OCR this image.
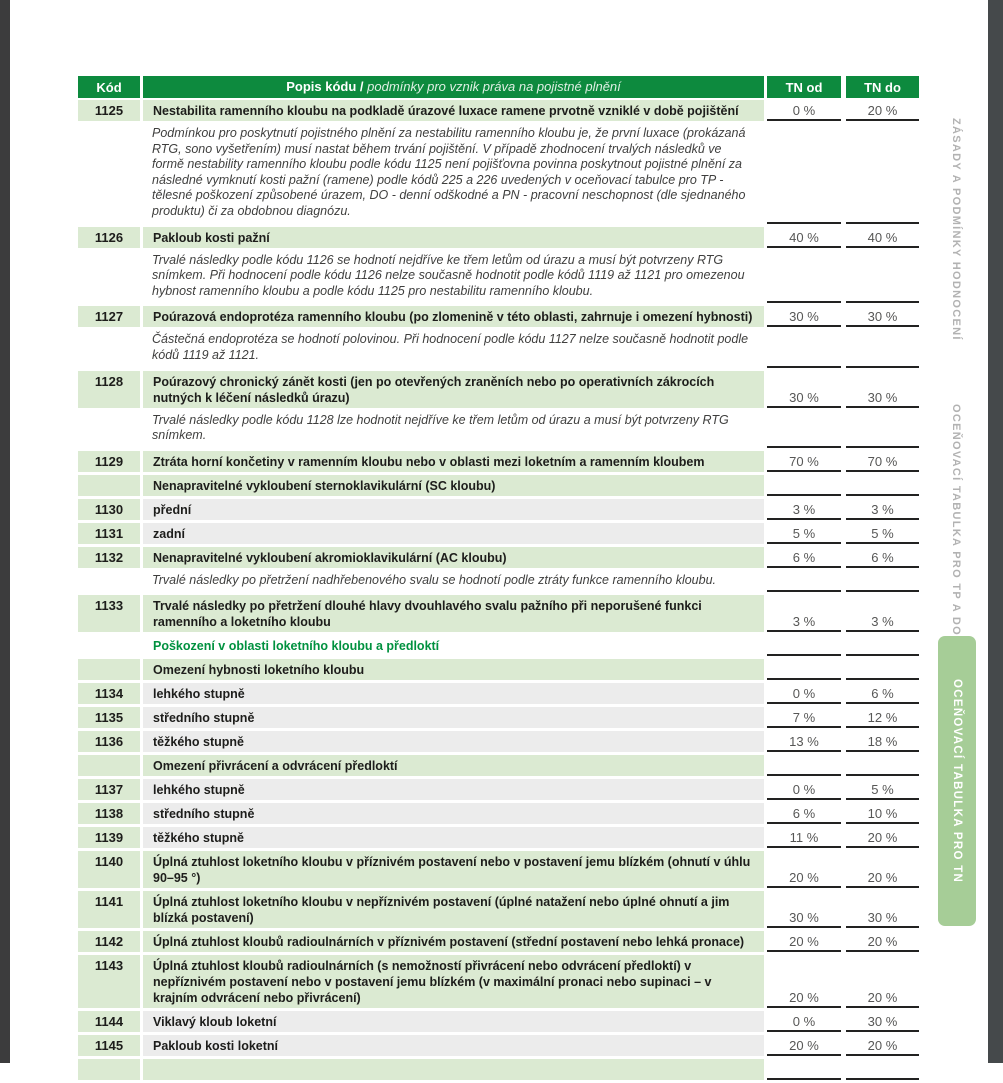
Kód	Popis kódu / podmínky pro vznik práva na pojistné plnění	TN od	TN do
1125	Nestabilita ramenního kloubu na podkladě úrazové luxace ramene prvotně vzniklé v době pojištění	0 %	20 %
Podmínkou pro poskytnutí pojistného plnění za nestabilitu ramenního kloubu je, že první luxace (prokázaná RTG, sono vyšetřením) musí nastat během trvání pojištění. V případě zhodnocení trvalých následků ve formě nestability ramenního kloubu podle kódu 1125 není pojišťovna povinna poskytnout pojistné plnění za následné vymknutí kosti pažní (ramene) podle kódů 225 a 226 uvedených v oceňovací tabulce pro TP - tělesné poškození způsobené úrazem, DO - denní odškodné a PN - pracovní neschopnost (dle sjednaného produktu) či za obdobnou diagnózu.
1126	Pakloub kosti pažní	40 %	40 %
Trvalé následky podle kódu 1126 se hodnotí nejdříve ke třem letům od úrazu a musí být potvrzeny RTG snímkem. Při hodnocení podle kódu 1126 nelze současně hodnotit podle kódů 1119 až 1121 pro omezenou hybnost ramenního kloubu a podle kódu 1125 pro nestabilitu ramenního kloubu.
1127	Poúrazová endoprotéza ramenního kloubu (po zlomenině v této oblasti, zahrnuje i omezení hybnosti)	30 %	30 %
Částečná endoprotéza se hodnotí polovinou. Při hodnocení podle kódu 1127 nelze současně hodnotit podle kódů 1119 až 1121.
1128	Poúrazový chronický zánět kosti (jen po otevřených zraněních nebo po operativních zákrocích nutných k léčení následků úrazu)	30 %	30 %
Trvalé následky podle kódu 1128 lze hodnotit nejdříve ke třem letům od úrazu a musí být potvrzeny RTG snímkem.
1129	Ztráta horní končetiny v ramenním kloubu nebo v oblasti mezi loketním a ramenním kloubem	70 %	70 %
Nenapravitelné vykloubení sternoklavikulární (SC kloubu)
1130	přední	3 %	3 %
1131	zadní	5 %	5 %
1132	Nenapravitelné vykloubení akromioklavikulární (AC kloubu)	6 %	6 %
Trvalé následky po přetržení nadhřebenového svalu se hodnotí podle ztráty funkce ramenního kloubu.
1133	Trvalé následky po přetržení dlouhé hlavy dvouhlavého svalu pažního při neporušené funkci ramenního a loketního kloubu	3 %	3 %
Poškození v oblasti loketního kloubu a předloktí
Omezení hybnosti loketního kloubu
1134	lehkého stupně	0 %	6 %
1135	středního stupně	7 %	12 %
1136	těžkého stupně	13 %	18 %
Omezení přivrácení a odvrácení předloktí
1137	lehkého stupně	0 %	5 %
1138	středního stupně	6 %	10 %
1139	těžkého stupně	11 %	20 %
1140	Úplná ztuhlost loketního kloubu v příznivém postavení nebo v postavení jemu blízkém (ohnutí v úhlu 90–95 °)	20 %	20 %
1141	Úplná ztuhlost loketního kloubu v nepříznivém postavení (úplné natažení nebo úplné ohnutí a jim blízká postavení)	30 %	30 %
1142	Úplná ztuhlost kloubů radioulnárních v příznivém postavení (střední postavení nebo lehká pronace)	20 %	20 %
1143	Úplná ztuhlost kloubů radioulnárních (s nemožností přivrácení nebo odvrácení předloktí) v nepříznivém postavení nebo v postavení jemu blízkém (v maximální pronaci nebo supinaci – v krajním odvrácení nebo přivrácení)	20 %	20 %
1144	Viklavý kloub loketní	0 %	30 %
1145	Pakloub kosti loketní	20 %	20 %
ZÁSADY A PODMÍNKY HODNOCENÍ
OCEŇOVACÍ TABULKA PRO TP A DO
OCEŇOVACÍ TABULKA PRO TN
